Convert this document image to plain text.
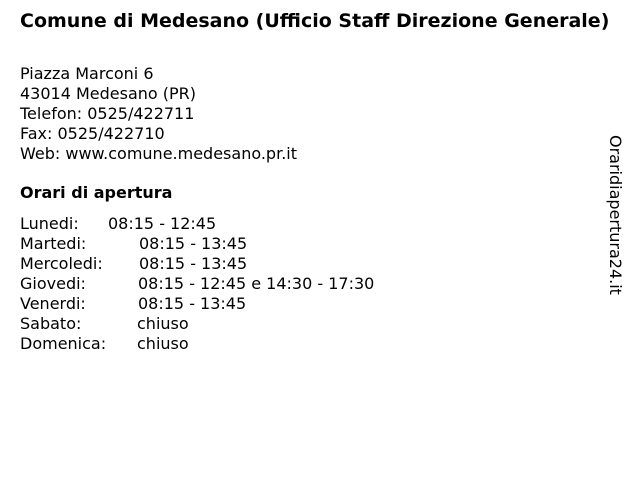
Comune di Medesano (Ufficio Staff Direzione Generale)
Piazza Marconi 6
43014 Medesano (PR)
Telefon: 0525/422711
Fax: 0525/422710
Web: www.comune.medesano.pr.it
Orari di apertura
Lunedi: 08:15 - 12:45
Martedi:	08:15 - 13:45
Mercoledi: 08:15 - 13:45
Giovedi:	08:15 - 12:45 e 14:30 - 17:30
Venerdi:	08:15 - 13:45
Sabato:	chiuso
Domenica: chiuso
Oraridiapertura24.it
